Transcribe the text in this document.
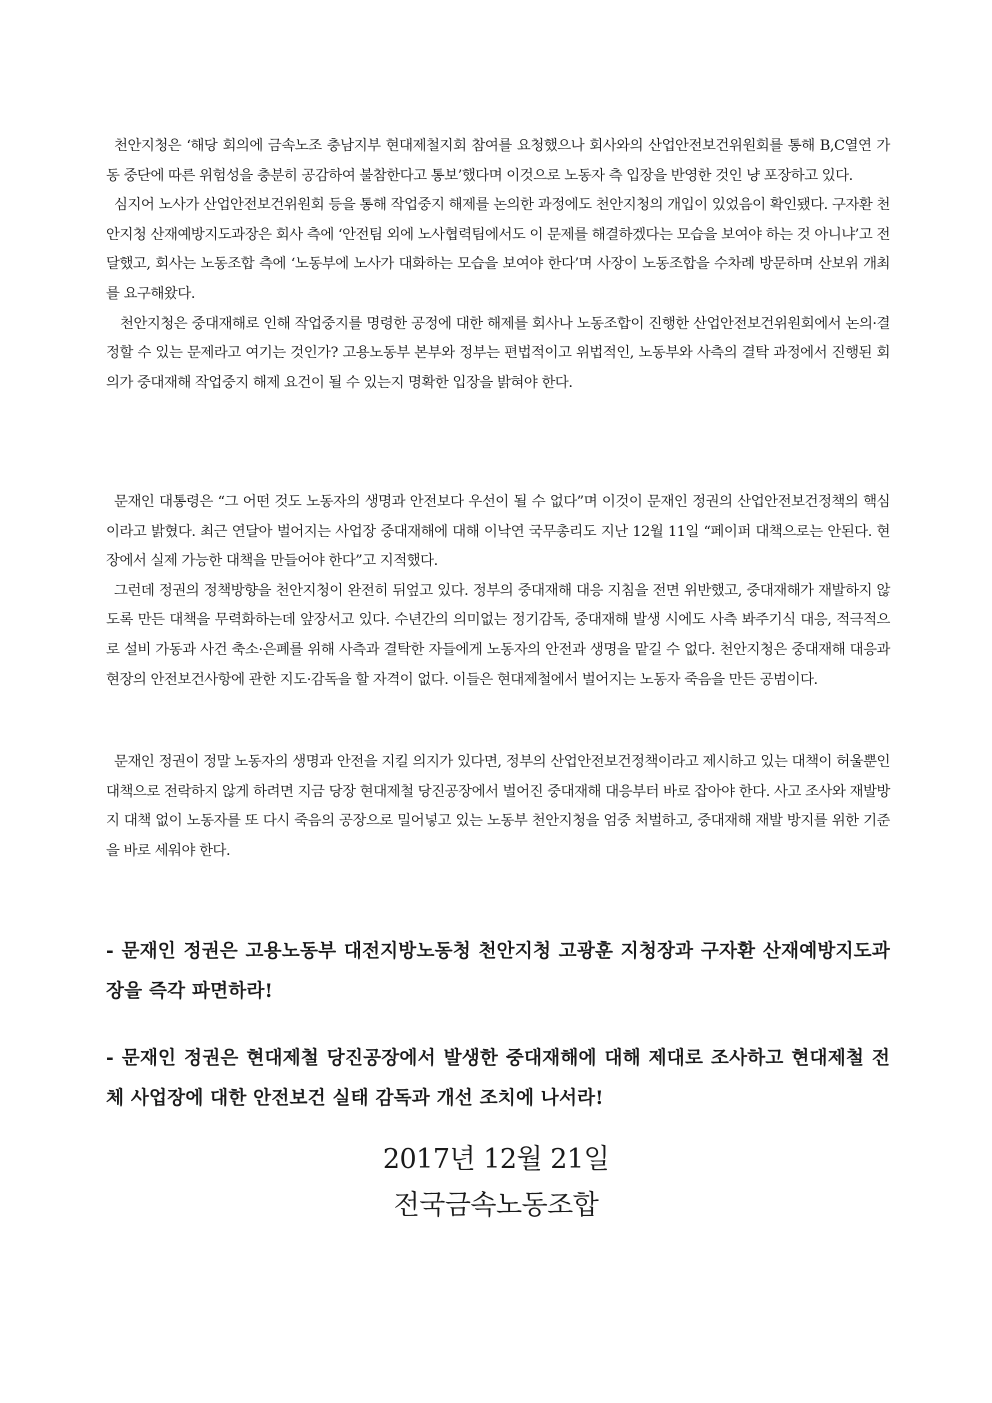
천안지청은 ‘해당 회의에 금속노조 충남지부 현대제철지회 참여를 요청했으나 회사와의 산업안전보건위원회를 통해 B,C열연 가동 중단에 따른 위험성을 충분히 공감하여 불참한다고 통보’했다며 이것으로 노동자 측 입장을 반영한 것인 냥 포장하고 있다.

심지어 노사가 산업안전보건위원회 등을 통해 작업중지 해제를 논의한 과정에도 천안지청의 개입이 있었음이 확인됐다. 구자환 천안지청 산재예방지도과장은 회사 측에 ‘안전팀 외에 노사협력팀에서도 이 문제를 해결하겠다는 모습을 보여야 하는 것 아니냐’고 전달했고, 회사는 노동조합 측에 ‘노동부에 노사가 대화하는 모습을 보여야 한다’며 사장이 노동조합을 수차례 방문하며 산보위 개최를 요구해왔다.

천안지청은 중대재해로 인해 작업중지를 명령한 공정에 대한 해제를 회사나 노동조합이 진행한 산업안전보건위원회에서 논의·결정할 수 있는 문제라고 여기는 것인가? 고용노동부 본부와 정부는 편법적이고 위법적인, 노동부와 사측의 결탁 과정에서 진행된 회의가 중대재해 작업중지 해제 요건이 될 수 있는지 명확한 입장을 밝혀야 한다.

문재인 대통령은 “그 어떤 것도 노동자의 생명과 안전보다 우선이 될 수 없다”며 이것이 문재인 정권의 산업안전보건정책의 핵심이라고 밝혔다. 최근 연달아 벌어지는 사업장 중대재해에 대해 이낙연 국무총리도 지난 12월 11일 “페이퍼 대책으로는 안된다. 현장에서 실제 가능한 대책을 만들어야 한다”고 지적했다.

그런데 정권의 정책방향을 천안지청이 완전히 뒤엎고 있다. 정부의 중대재해 대응 지침을 전면 위반했고, 중대재해가 재발하지 않도록 만든 대책을 무력화하는데 앞장서고 있다. 수년간의 의미없는 정기감독, 중대재해 발생 시에도 사측 봐주기식 대응, 적극적으로 설비 가동과 사건 축소·은폐를 위해 사측과 결탁한 자들에게 노동자의 안전과 생명을 맡길 수 없다. 천안지청은 중대재해 대응과 현장의 안전보건사항에 관한 지도·감독을 할 자격이 없다. 이들은 현대제철에서 벌어지는 노동자 죽음을 만든 공범이다.

문재인 정권이 정말 노동자의 생명과 안전을 지킬 의지가 있다면, 정부의 산업안전보건정책이라고 제시하고 있는 대책이 허울뿐인 대책으로 전락하지 않게 하려면 지금 당장 현대제철 당진공장에서 벌어진 중대재해 대응부터 바로 잡아야 한다. 사고 조사와 재발방지 대책 없이 노동자를 또 다시 죽음의 공장으로 밀어넣고 있는 노동부 천안지청을 엄중 처벌하고, 중대재해 재발 방지를 위한 기준을 바로 세워야 한다.

- 문재인 정권은 고용노동부 대전지방노동청 천안지청 고광훈 지청장과 구자환 산재예방지도과장을 즉각 파면하라!

- 문재인 정권은 현대제철 당진공장에서 발생한 중대재해에 대해 제대로 조사하고 현대제철 전체 사업장에 대한 안전보건 실태 감독과 개선 조치에 나서라!

2017년 12월 21일

전국금속노동조합
